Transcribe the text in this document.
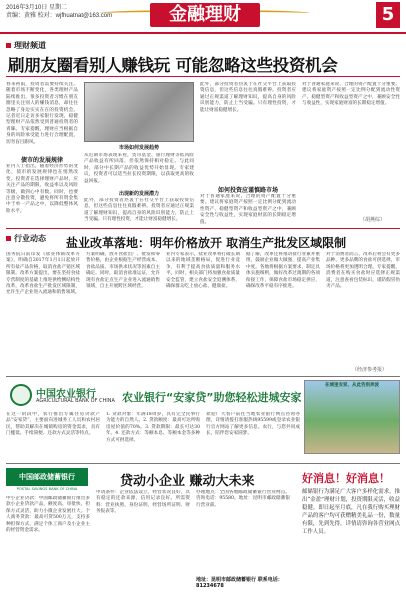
2016年3月10日 星期二
责编：黄雅 校对：wjfhuatnat@163.com	金融理财	5
理财频道
刷朋友圈看别人赚钱玩 可能忽略这些投资机会
春来初雨，投资者需要持续关注。随着市场不断变化，各类理财产品陆续推出，很多投资者习惯在朋友圈里关注别人的赚钱消息，却往往忽略了身边实实在在的投资机会。记者近日走访多家银行发现，稳健型理财产品依然受到普通投资者的青睐。专家提醒，理财应当根据自身的风险承受能力进行合理配置，切勿盲目跟风。
债市的发展规律
业内人士指出，随着经济形势的变化，债市的发展规律也在悄然改变。投资者在选择理财产品时，应关注产品的期限、收益率以及风险等级，做到心中有数。同时，也要注意分散投资，避免将所有资金集中于单一产品之中，以降低整体风险水平。
市场如何发展趋势
从近期市场表现来看，货币基金、银行理财等低风险产品收益有所回落，但依然保持相对稳定。与此同时，部分中长期产品的收益优势开始显现。专家建议，投资者可以适当拉长投资期限，以获取更高的收益回报。
出现新的发展潜力
此外，部分投资者热衷于在社交平台上获取投资信息，但这些信息往往真假难辨。投资者应通过正规渠道了解理财知识，提高自身的风险识别能力，防止上当受骗。只有理性投资，才能让财富稳健增长。
此外，部分投资者热衷于在社交平台上获取投资信息，但这些信息往往真假难辨。投资者应通过正规渠道了解理财知识，提高自身的风险识别能力，防止上当受骗。只有理性投资，才能让财富稳健增长。
如何投资应谨慎路市场
对于普通家庭来说，合理的资产配置十分重要。建议将家庭资产按照一定比例分配到流动性资产、稳健型资产和收益型资产之中，兼顾安全性与收益性，实现家庭财富的长期稳定增值。
对于普通家庭来说，合理的资产配置十分重要。建议将家庭资产按照一定比例分配到流动性资产、稳健型资产和收益型资产之中，兼顾安全性与收益性，实现家庭财富的长期稳定增值。
（胡燕综）
行业动态 盐业改革落地：明年价格放开 取消生产批发区域限制
国务院日前印发《盐业体制改革方案》，明确自2017年1月1日起放开所有盐产品价格，取消食盐产销区域限制。改革方案提出，要在坚持食盐专营制度的基础上推进供给侧结构性改革，改革食盐生产批发区域限制，允许生产企业进入流通和销售领域。
方案明确，放开食盐出厂、批发和零售价格，由企业根据生产经营成本、食盐品质、市场供求状况等因素自主确定。同时，取消食盐准运证，允许现有食盐定点生产企业进入流通销售领域，自主开展跨区域经营。
业内专家表示，盐业改革将打破长期以来的地域垄断格局，促进行业竞争，有利于提高食盐质量和服务水平。同时，相关部门将加强食盐质量安全监管，建立食盐安全追溯体系，确保群众吃上放心盐、健康盐。
据了解，改革还将推动盐行业兼并重组，鼓励企业做大做强，提高产业集中度。各地将根据方案要求，制定具体实施细则，做好改革过渡期的各项衔接工作，保障食盐市场稳定供应，确保改革平稳有序推进。
对于消费者而言，改革后将会有更多品种、更多品牌的食盐可供选择，市场价格将更加透明合理。专家提醒，消费者在购买食盐时应选择正规渠道，注意查看包装标识，谨防假冒伪劣产品。
（经济参考报）
中国农业银行
AGRICULTURAL BANK OF CHINA 农业银行“安家贷”助您轻松进城安家
在城里安家，从此告别奔波
在这一阶段中，农行推出专属住房贷款产品“安家贷”，主要面向进城务工人员和农村居民，帮助其解决在城镇购房的资金需求，具有门槛低、手续简便、还款方式灵活等特点。
1. 贷款对象：年满18周岁，具有完全民事行为能力的自然人。2. 贷款额度：最高可达所购房屋价值的70%。3. 贷款期限：最长可达30年。4. 还款方式：等额本息、等额本金等多种方式可供选择。
欢迎广大客户前往当地农业银行网点咨询办理，详情请拨打客服热线95599或登录农业银行官方网站了解更多信息。农行，与您共同成长，陪伴您安家圆梦。
中国邮政储蓄银行
POSTAL SAVINGS BANK OF CHINA	贷动小企业 赚动大未来
中小企业贷款：中国邮政储蓄银行推出多款小企业贷款产品，额度高、审批快、担保方式灵活，助力小微企业发展壮大。个人商务贷款：最高可贷500万元，支持多种担保方式，满足个体工商户及小企业主的经营资金需求。
申请条件：企业依法设立，经营状况良好，具有稳定的还款来源，信用记录良好。所需资料：营业执照、身份证明、经营场所证明、财务报表等。
办理地点：全国各地邮政储蓄银行营业网点。咨询电话：95580。地址：昆明市邮政储蓄银行营业部。
地址：昆明市邮政储蓄银行 联系电话：81234678
好消息！好消息！
邮储银行为满足广大客户多样化需求，推出“金盈”理财计划，投资期限灵活，收益稳健。即日起至月底，凡在我行购买理财产品的客户均可获赠精美礼品一份，数量有限，先到先得。详情请咨询各营业网点工作人员。
